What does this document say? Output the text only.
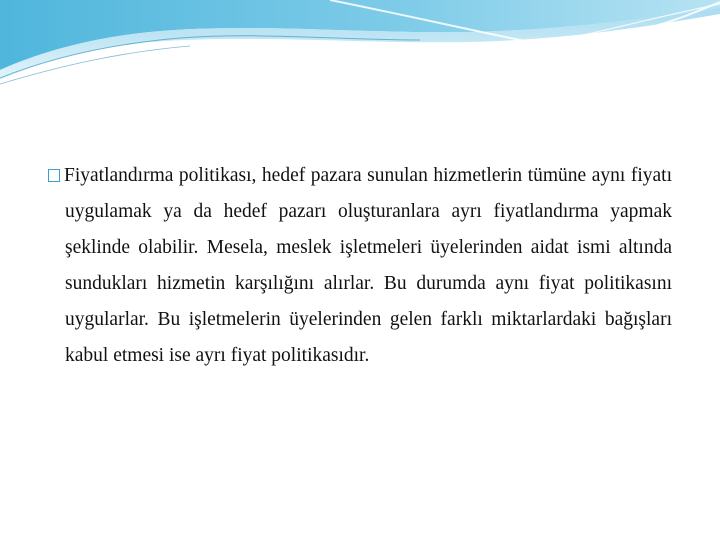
Fiyatlandırma politikası, hedef pazara sunulan hizmetlerin tümüne aynı fiyatı uygulamak ya da hedef pazarı oluşturanlara ayrı fiyatlandırma yapmak şeklinde olabilir. Mesela, meslek işletmeleri üyelerinden aidat ismi altında sundukları hizmetin karşılığını alırlar. Bu durumda aynı fiyat politikasını uygularlar. Bu işletmelerin üyelerinden gelen farklı miktarlardaki bağışları kabul etmesi ise ayrı fiyat politikasıdır.
